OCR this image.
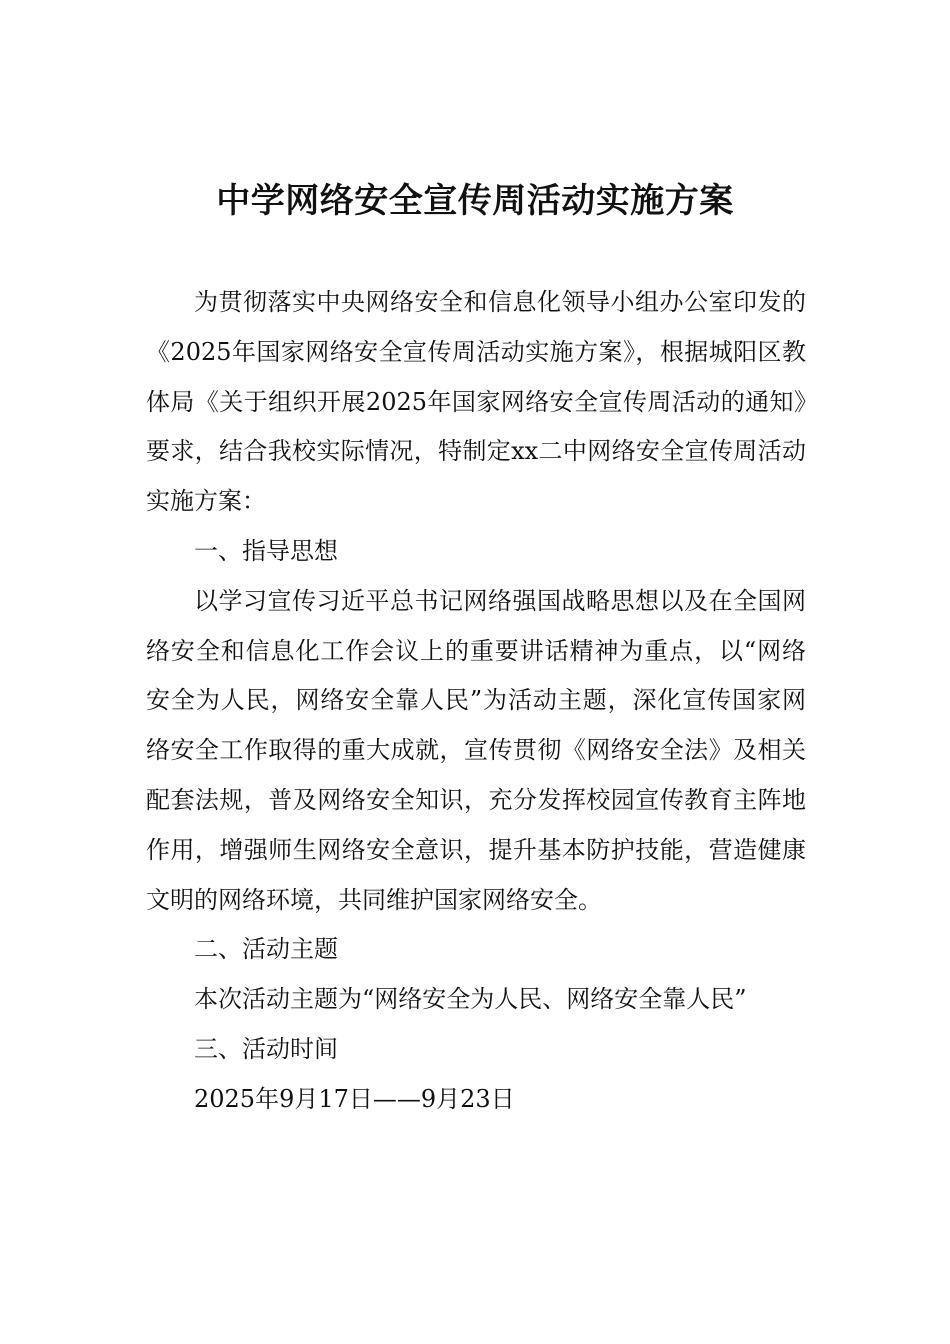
中学网络安全宣传周活动实施方案

为贯彻落实中央网络安全和信息化领导小组办公室印发的《2025年国家网络安全宣传周活动实施方案》，根据城阳区教体局《关于组织开展2025年国家网络安全宣传周活动的通知》要求，结合我校实际情况，特制定xx二中网络安全宣传周活动实施方案：

一、指导思想

以学习宣传习近平总书记网络强国战略思想以及在全国网络安全和信息化工作会议上的重要讲话精神为重点，以“网络安全为人民，网络安全靠人民”为活动主题，深化宣传国家网络安全工作取得的重大成就，宣传贯彻《网络安全法》及相关配套法规，普及网络安全知识，充分发挥校园宣传教育主阵地作用，增强师生网络安全意识，提升基本防护技能，营造健康文明的网络环境，共同维护国家网络安全。

二、活动主题

本次活动主题为“网络安全为人民、网络安全靠人民”

三、活动时间

2025年9月17日——9月23日
